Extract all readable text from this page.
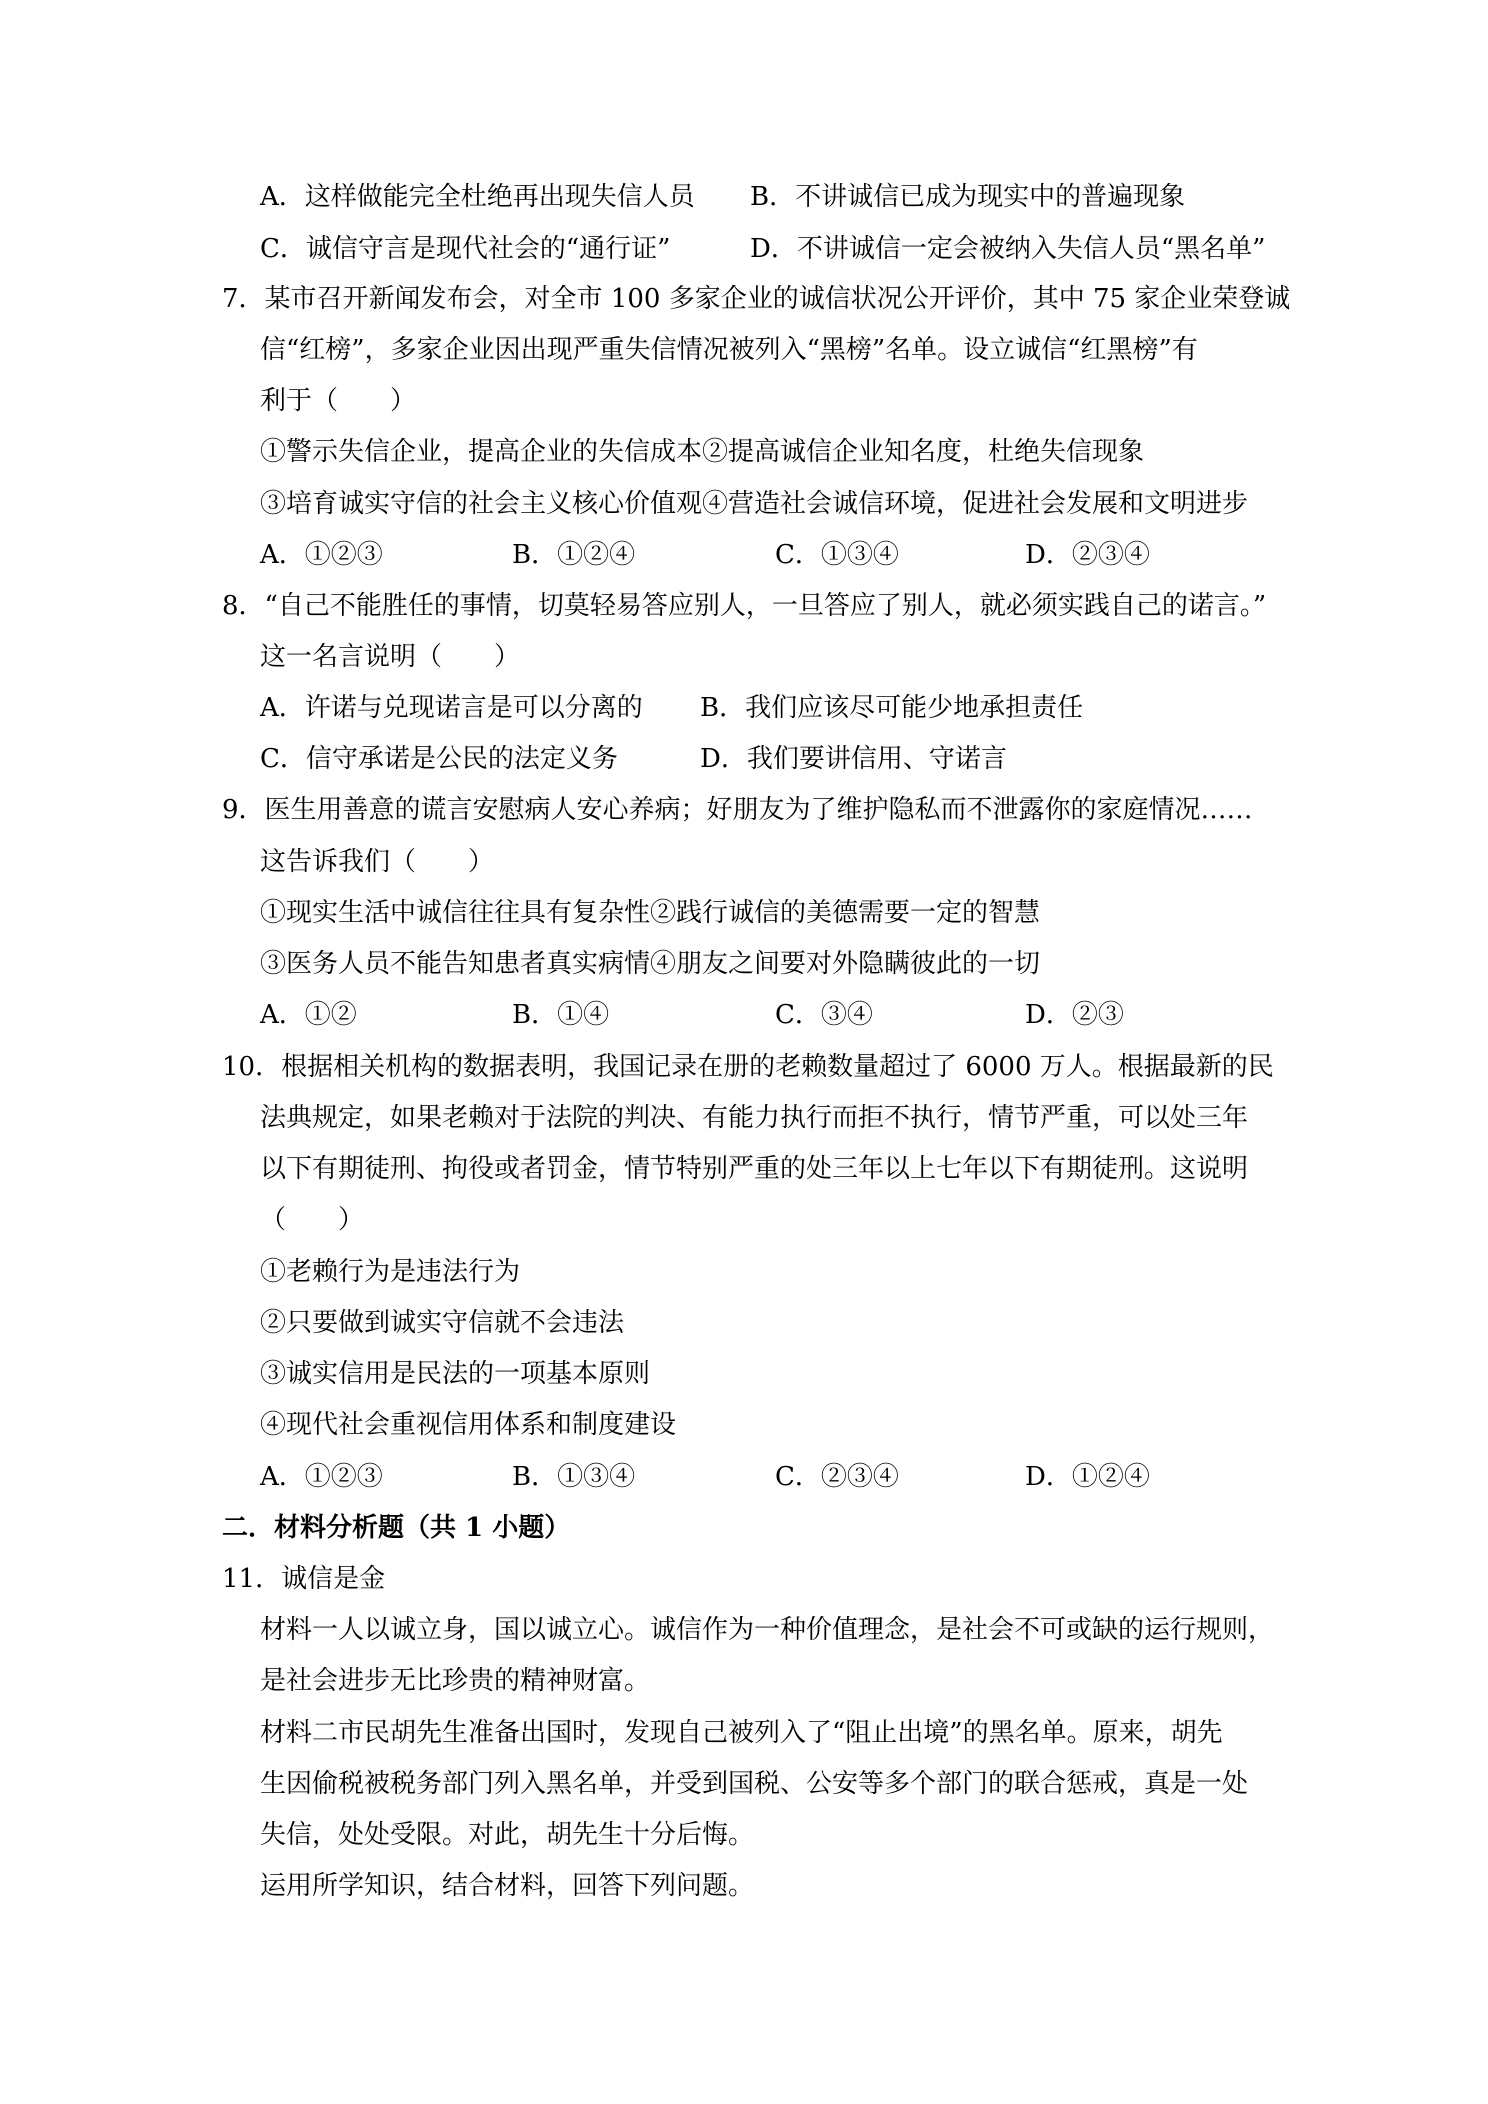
A．这样做能完全杜绝再出现失信人员 B．不讲诚信已成为现实中的普遍现象
C．诚信守言是现代社会的“通行证”	D．不讲诚信一定会被纳入失信人员“黑名单”
7．某市召开新闻发布会，对全市 100 多家企业的诚信状况公开评价，其中 75 家企业荣登诚
信“红榜”，多家企业因出现严重失信情况被列入“黑榜”名单。设立诚信“红黑榜”有
利于（　　）
①警示失信企业，提高企业的失信成本②提高诚信企业知名度，杜绝失信现象
③培育诚实守信的社会主义核心价值观④营造社会诚信环境，促进社会发展和文明进步
A．①②③	B．①②④	C．①③④	D．②③④
8．“自己不能胜任的事情，切莫轻易答应别人，一旦答应了别人，就必须实践自己的诺言。”
这一名言说明（　　）
A．许诺与兑现诺言是可以分离的 B．我们应该尽可能少地承担责任
C．信守承诺是公民的法定义务	D．我们要讲信用、守诺言
9．医生用善意的谎言安慰病人安心养病；好朋友为了维护隐私而不泄露你的家庭情况……
这告诉我们（　　）
①现实生活中诚信往往具有复杂性②践行诚信的美德需要一定的智慧
③医务人员不能告知患者真实病情④朋友之间要对外隐瞒彼此的一切
A．①②	B．①④	C．③④	D．②③
10．根据相关机构的数据表明，我国记录在册的老赖数量超过了 6000 万人。根据最新的民
法典规定，如果老赖对于法院的判决、有能力执行而拒不执行，情节严重，可以处三年
以下有期徒刑、拘役或者罚金，情节特别严重的处三年以上七年以下有期徒刑。这说明
（　　）
①老赖行为是违法行为
②只要做到诚实守信就不会违法
③诚实信用是民法的一项基本原则
④现代社会重视信用体系和制度建设
A．①②③	B．①③④	C．②③④	D．①②④
二．材料分析题（共 1 小题）
11．诚信是金
材料一人以诚立身，国以诚立心。诚信作为一种价值理念，是社会不可或缺的运行规则，
是社会进步无比珍贵的精神财富。
材料二市民胡先生准备出国时，发现自己被列入了“阻止出境”的黑名单。原来，胡先
生因偷税被税务部门列入黑名单，并受到国税、公安等多个部门的联合惩戒，真是一处
失信，处处受限。对此，胡先生十分后悔。
运用所学知识，结合材料，回答下列问题。
